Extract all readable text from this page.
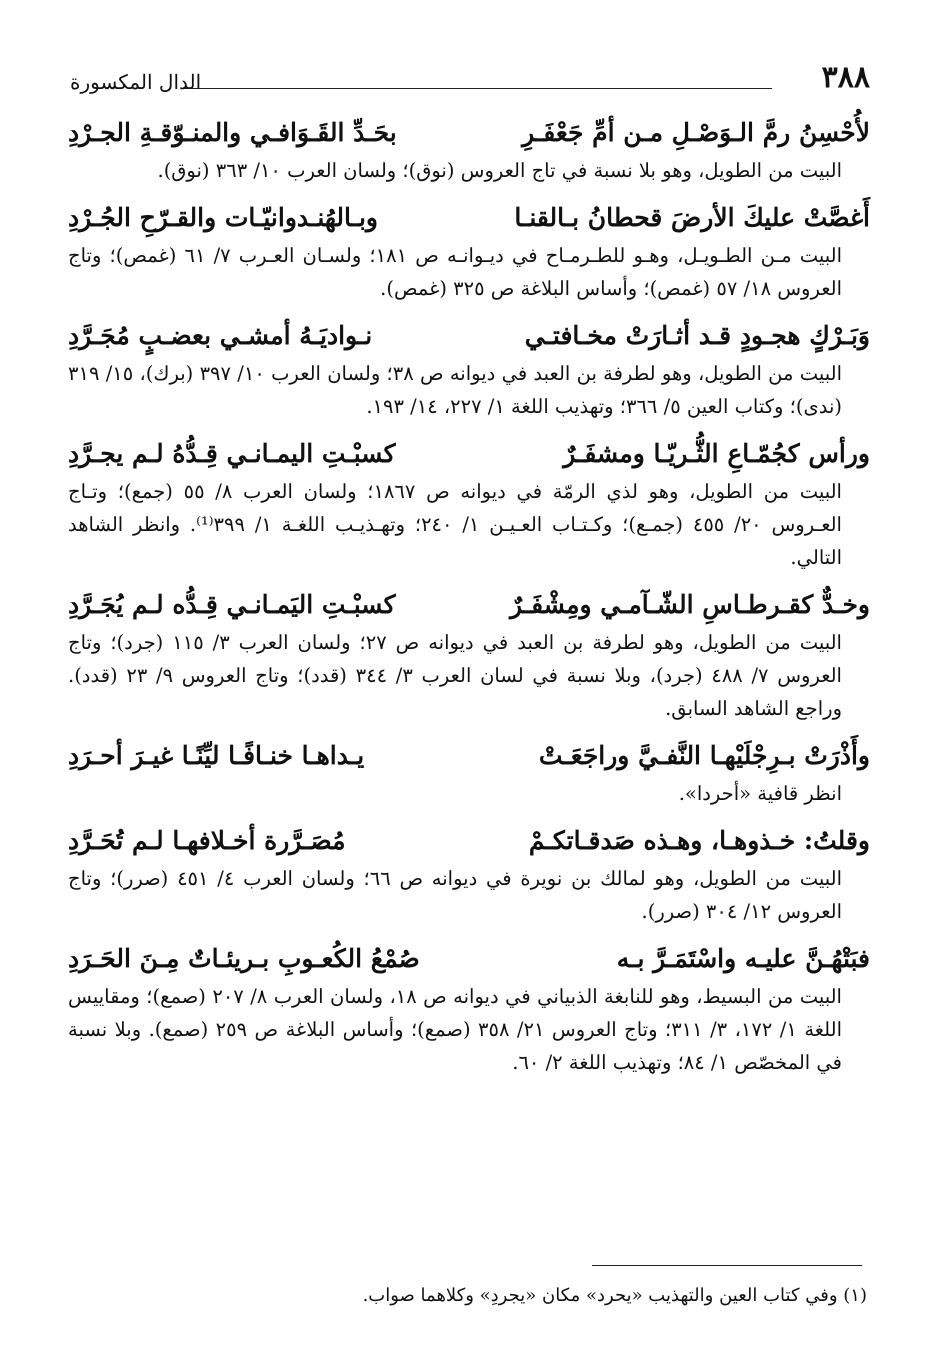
٣٨٨
الدال المكسورة
لأُحْسِنُ رمَّ الـوَصْـلِ مـن أمِّ جَعْفَـرِ
بحَـدِّ القَـوَافـي والمنـوّقـةِ الجـرْدِ
البيت من الطويل، وهو بلا نسبة في تاج العروس (نوق)؛ ولسان العرب ١٠/ ٣٦٣ (نوق).
أَغصَّتْ عليكَ الأرضَ قحطانُ بـالقنـا
وبـالهُنـدوانيّـات والقـرّحِ الجُـرْدِ
البيت مـن الطـويـل، وهـو للطـرمـاح في ديـوانـه ص ١٨١؛ ولسـان العـرب ٧/ ٦١ (غمص)؛ وتاج العروس ١٨/ ٥٧ (غمص)؛ وأساس البلاغة ص ٣٢٥ (غمص).
وَبَـرْكٍ هجـودٍ قـد أثـارَتْ مخـافتـي
نـواديَـهُ أمشـي بعضـبٍ مُجَـرَّدِ
البيت من الطويل، وهو لطرفة بن العبد في ديوانه ص ٣٨؛ ولسان العرب ١٠/ ٣٩٧ (برك)، ١٥/ ٣١٩ (ندى)؛ وكتاب العين ٥/ ٣٦٦؛ وتهذيب اللغة ١/ ٢٢٧، ١٤/ ١٩٣.
ورأس كجُمّـاعِ الثُّـريّـا ومشفَـرٌ
كسبْـتِ اليمـانـي قِـدُّهُ لـم يجـرَّدِ
البيت من الطويل، وهو لذي الرمّة في ديوانه ص ١٨٦٧؛ ولسان العرب ٨/ ٥٥ (جمع)؛ وتـاج العـروس ٢٠/ ٤٥٥ (جمـع)؛ وكـتـاب العـيـن ١/ ٢٤٠؛ وتهـذيـب اللغـة ١/ ٣٩٩⁽¹⁾. وانظر الشاهد التالي.
وخـدٌّ كقـرطـاسِ الشّـآمـي ومِشْفَـرٌ
كسبْـتِ اليَمـانـي قِـدُّه لـم يُجَـرَّدِ
البيت من الطويل، وهو لطرفة بن العبد في ديوانه ص ٢٧؛ ولسان العرب ٣/ ١١٥ (جرد)؛ وتاج العروس ٧/ ٤٨٨ (جرد)، وبلا نسبة في لسان العرب ٣/ ٣٤٤ (قدد)؛ وتاج العروس ٩/ ٢٣ (قدد). وراجع الشاهد السابق.
وأَذْرَتْ بـرِجْلَيْهـا النَّفـيَّ وراجَعَـتْ
يـداهـا خنـافًـا ليِّنًـا غيـرَ أحـرَدِ
انظر قافية «أحردا».
وقلتُ: خـذوهـا، وهـذه صَدقـاتكـمْ
مُصَـرَّرة أخـلافهـا لـم تُحَـرَّدِ
البيت من الطويل، وهو لمالك بن نويرة في ديوانه ص ٦٦؛ ولسان العرب ٤/ ٤٥١ (صرر)؛ وتاج العروس ١٢/ ٣٠٤ (صرر).
فبَتْهُـنَّ عليـه واسْتَمَـرَّ بـه
صُمْعُ الكُعـوبِ بـريئـاتٌ مِـنَ الحَـرَدِ
البيت من البسيط، وهو للنابغة الذبياني في ديوانه ص ١٨، ولسان العرب ٨/ ٢٠٧ (صمع)؛ ومقاييس اللغة ١/ ١٧٢، ٣/ ٣١١؛ وتاج العروس ٢١/ ٣٥٨ (صمع)؛ وأساس البلاغة ص ٢٥٩ (صمع). وبلا نسبة في المخصّص ١/ ٨٤؛ وتهذيب اللغة ٢/ ٦٠.
(١) وفي كتاب العين والتهذيب «يحرد» مكان «يجردِ» وكلاهما صواب.
